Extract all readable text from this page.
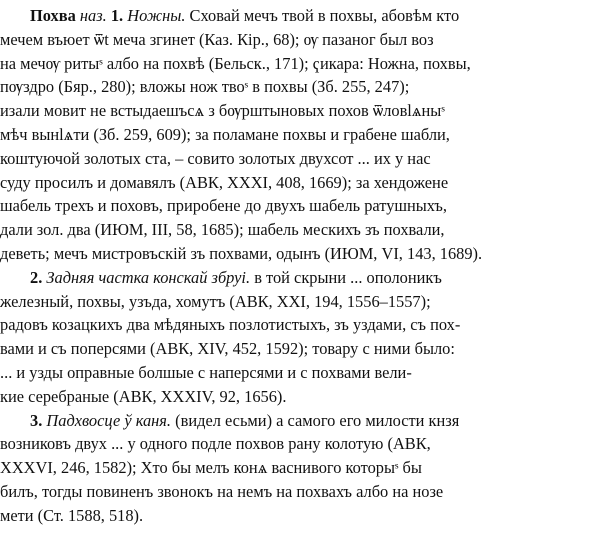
Похва наз. 1. Ножны. Сховай мечъ твой в похвы, абовѣм кто
мечем въюет ѿt меча згинет (Каз. Кір., 68); ѹ пазаног был воз
на мечѹ ритыˢ албо на похвѣ (Бельск., 171); ҁикара: Ножна, похвы,
пѹздро (Бяр., 280); вложы нож твоˢ в похвы (Зб. 255, 247);
изали мовит не встыдаешъсѧ з бѹрштыновых похов ѿловlѧныˢ
мѣч вынlѧти (Зб. 259, 609); за поламане похвы и грабене шабли,
коштуючой золотых ста, – совито золотых двухсот ... их у нас
суду просилъ и домавялъ (АВК, XXXI, 408, 1669); за хендожене
шабель трехъ и поховъ, прирoбене до двухъ шабель ратушныхъ,
дали зол. два (ИЮМ, III, 58, 1685); шабель мескихъ зъ похвали,
деветь; мечъ мистровъскій зъ похвами, одынъ (ИЮМ, VI, 143, 1689).

2. Задняя частка конскай збруі. в той скрыни ... ополоникъ
железный, похвы, узъда, хомутъ (АВК, XXI, 194, 1556–1557);
радовъ козацкихъ два мѣдяныхъ позлотистыхъ, зъ уздами, съ пох-
вами и съ поперсями (АВК, XIV, 452, 1592); товару с ними было:
... и узды оправные болшые с наперсями и с похвами вели-
кие серебраные (АВК, XXXIV, 92, 1656).

3. Падхвосце ў каня. (видел есьми) а самого его милости кнзя
возниковъ двух ... у одного подле похвов рану колотую (АВК,
XXXVI, 246, 1582); Хто бы мелъ конѧ васнивого которыˢ бы
билъ, тогды повиненъ звонокъ на немъ на похвахъ албо на нозе
мети (Ст. 1588, 518).
